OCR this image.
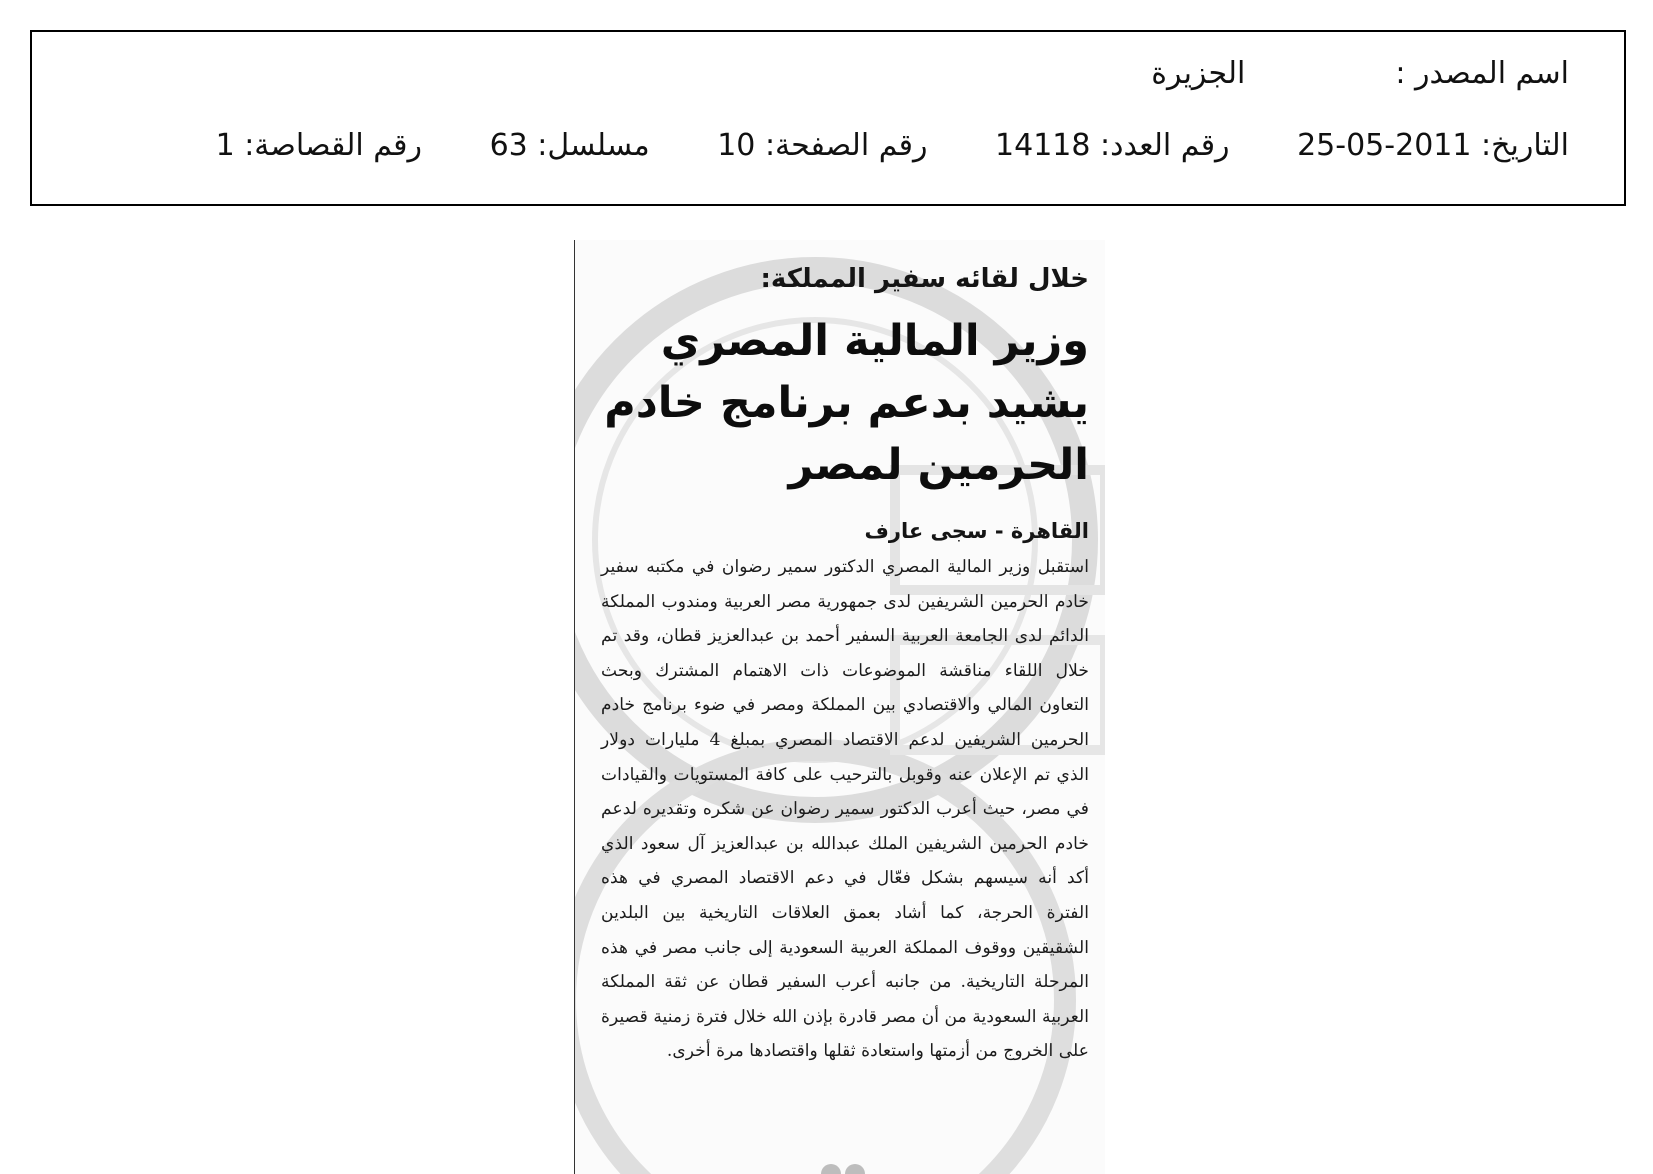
اسم المصدر :الجزيرة
التاريخ: 2011-05-25 رقم العدد: 14118 رقم الصفحة: 10 مسلسل: 63 رقم القصاصة: 1

خلال لقائه سفير المملكة:

وزير المالية المصري يشيد بدعم برنامج خادم الحرمين لمصر

القاهرة - سجى عارف

استقبل وزير المالية المصري الدكتور سمير رضوان في مكتبه سفير خادم الحرمين الشريفين لدى جمهورية مصر العربية ومندوب المملكة الدائم لدى الجامعة العربية السفير أحمد بن عبدالعزيز قطان، وقد تم خلال اللقاء مناقشة الموضوعات ذات الاهتمام المشترك وبحث التعاون المالي والاقتصادي بين المملكة ومصر في ضوء برنامج خادم الحرمين الشريفين لدعم الاقتصاد المصري بمبلغ 4 مليارات دولار الذي تم الإعلان عنه وقوبل بالترحيب على كافة المستويات والقيادات في مصر، حيث أعرب الدكتور سمير رضوان عن شكره وتقديره لدعم خادم الحرمين الشريفين الملك عبدالله بن عبدالعزيز آل سعود الذي أكد أنه سيسهم بشكل فعّال في دعم الاقتصاد المصري في هذه الفترة الحرجة، كما أشاد بعمق العلاقات التاريخية بين البلدين الشقيقين ووقوف المملكة العربية السعودية إلى جانب مصر في هذه المرحلة التاريخية. من جانبه أعرب السفير قطان عن ثقة المملكة العربية السعودية من أن مصر قادرة بإذن الله خلال فترة زمنية قصيرة على الخروج من أزمتها واستعادة ثقلها واقتصادها مرة أخرى.
